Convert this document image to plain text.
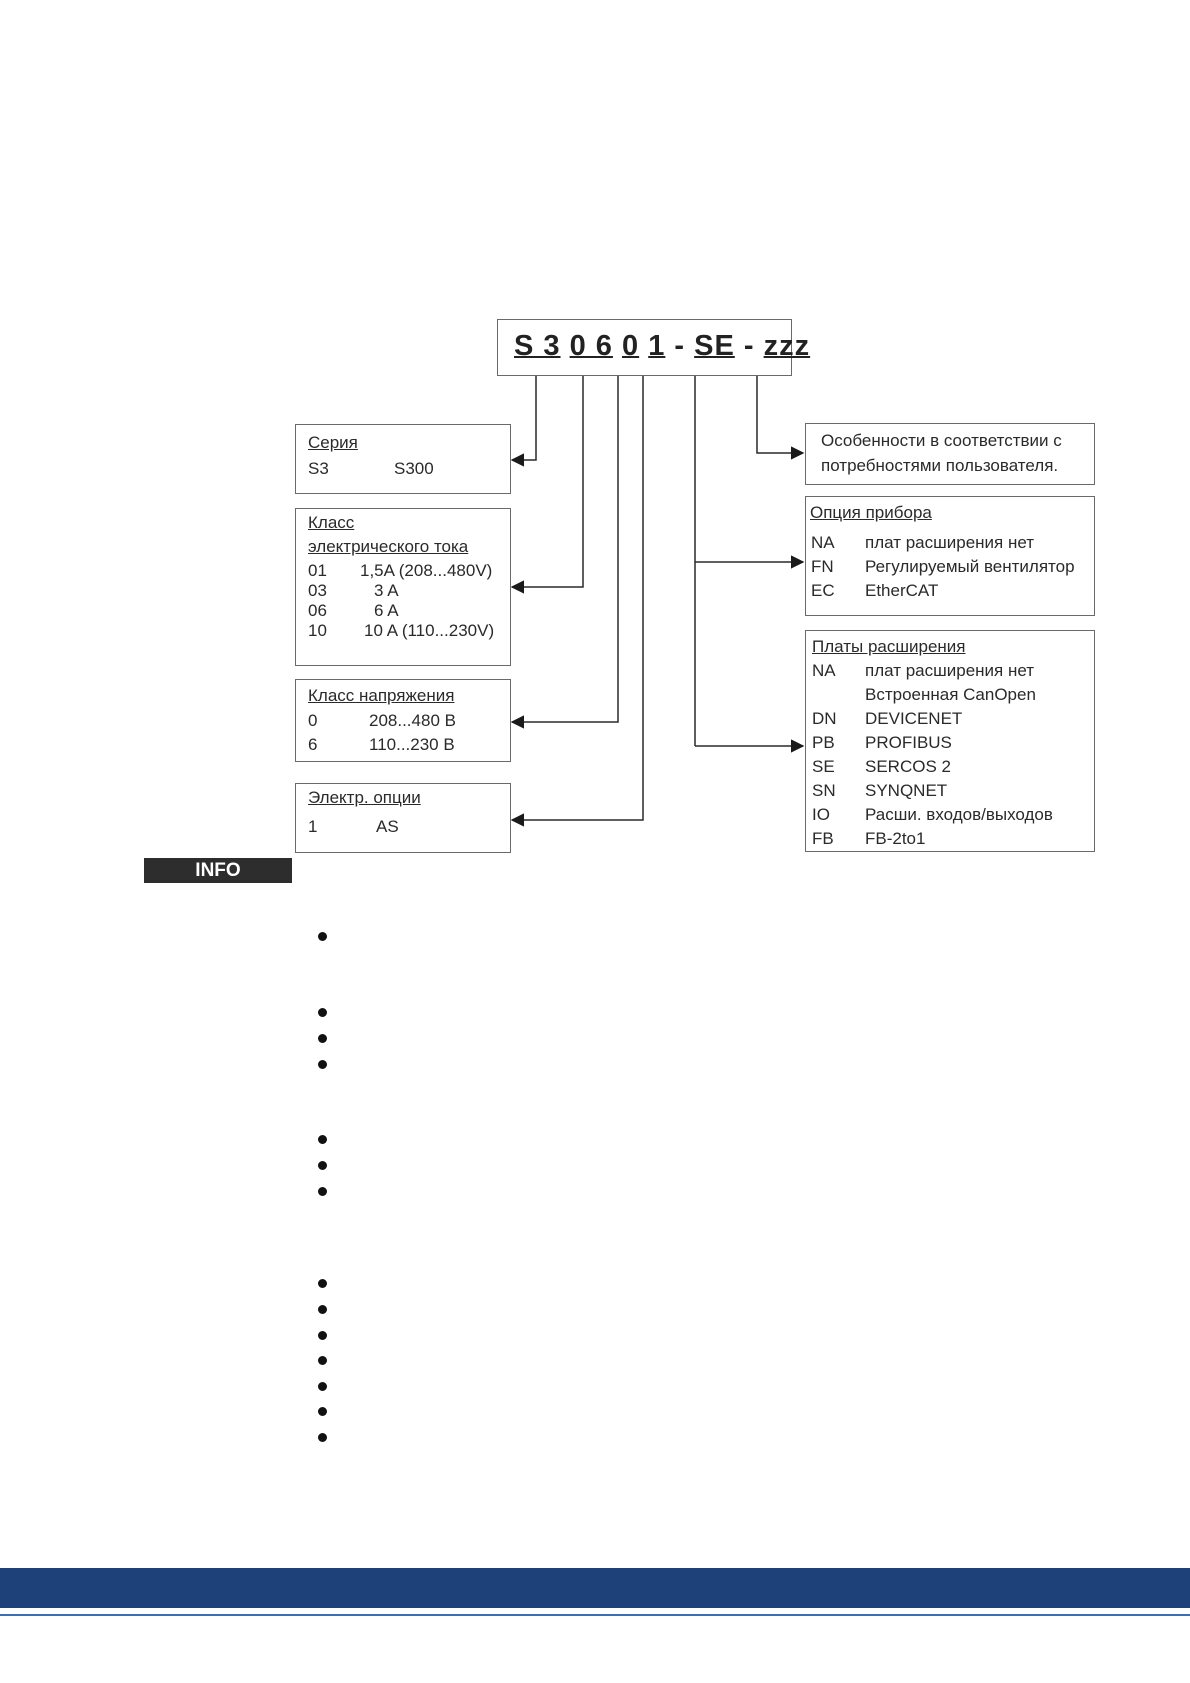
S 3 0 6 0 1 - SE - zzz
Серия
S3	S300
Класс
электрического тока
01 1,5A (208...480V)
03	3 A
06	6 A
10 10 A (110...230V)
Класс напряжения
0	208...480 В
6	110...230 В
Электр. опции
1	AS
Особенности в соответствии с
потребностями пользователя.
Опция прибора
NA плат расширения нет
FN Регулируемый вентилятор
EC EtherCAT
Платы расширения
NA плат расширения нет
Встроенная CanOpen
DN DEVICENET
PB PROFIBUS
SE SERCOS 2
SN SYNQNET
IO Расши. входов/выходов
FB FB-2to1
INFO
